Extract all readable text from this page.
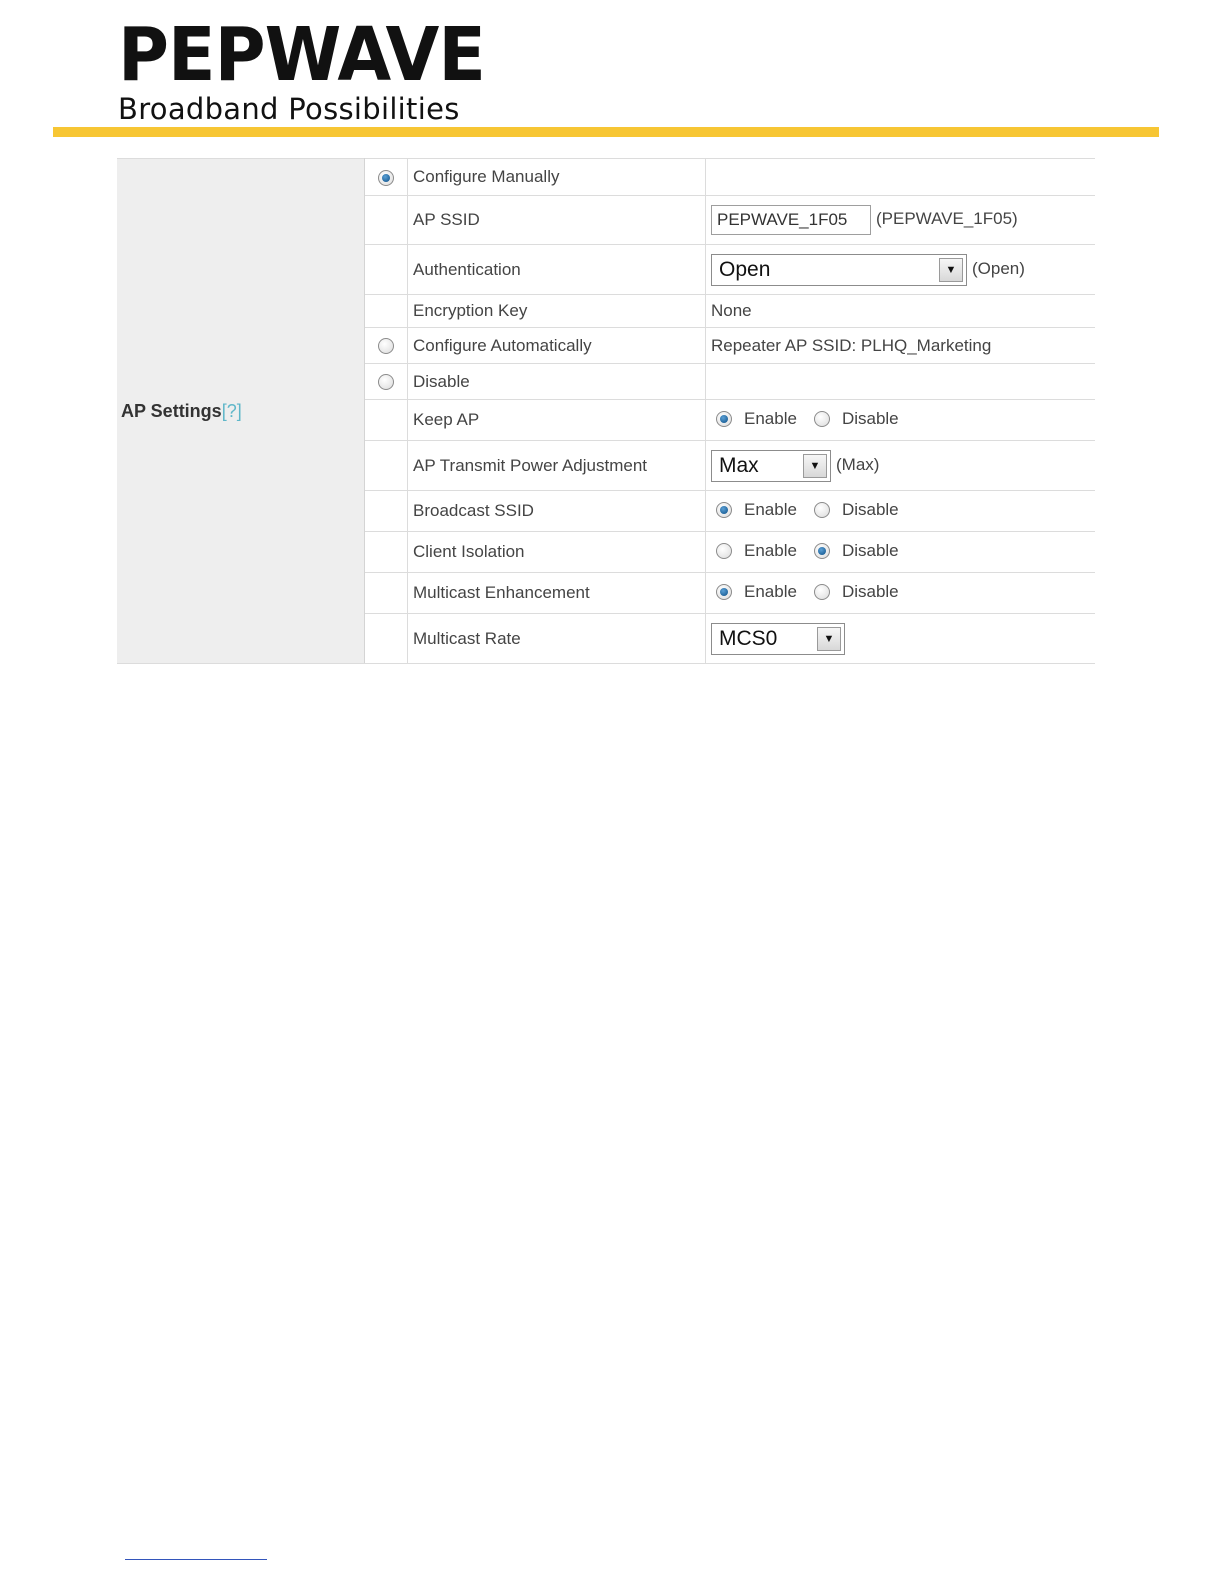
PEPWAVE
Broadband Possibilities
AP Settings[?]		Configure Manually	
		AP SSID	PEPWAVE_1F05 (PEPWAVE_1F05)
		Authentication	Open ▼ (Open)
		Encryption Key	None
		Configure Automatically	Repeater AP SSID: PLHQ_Marketing
		Disable	
		Keep AP	Enable Disable

		AP Transmit Power Adjustment	Max ▼ (Max)
		Broadcast SSID	Enable Disable

		Client Isolation	Enable Disable

		Multicast Enhancement	Enable Disable

		Multicast Rate	MCS0 ▼
